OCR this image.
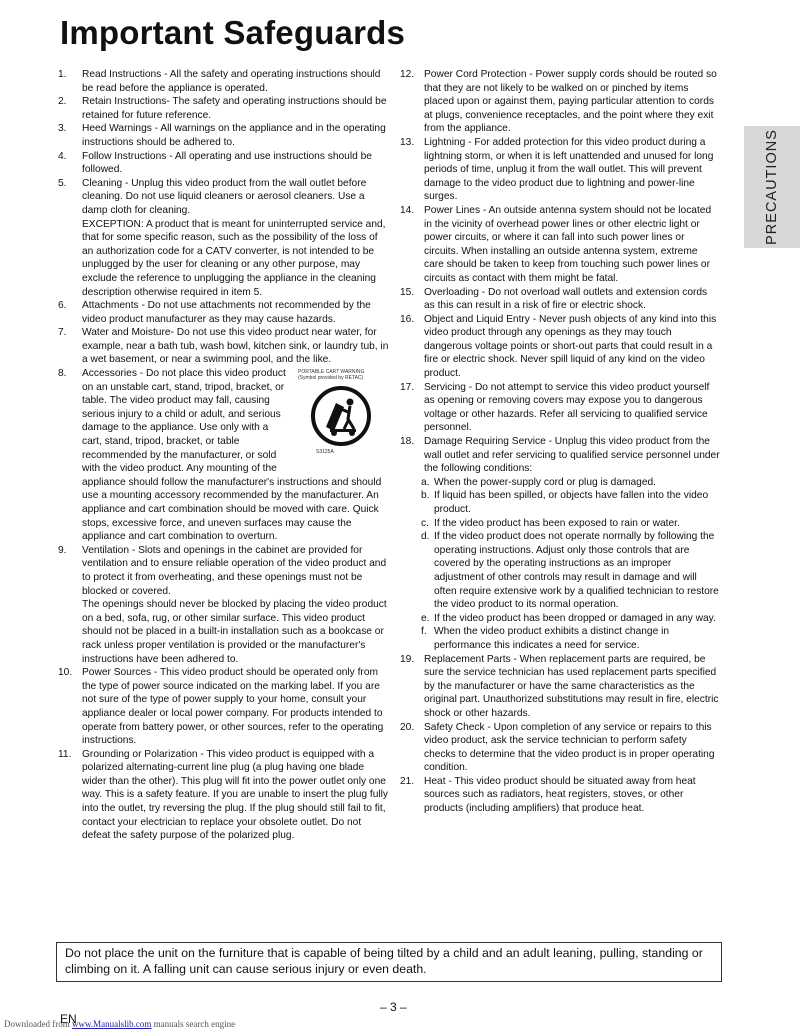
Important Safeguards
PRECAUTIONS
1. Read Instructions - All the safety and operating instructions should be read before the appliance is operated.
2. Retain Instructions- The safety and operating instructions should be retained for future reference.
3. Heed Warnings - All warnings on the appliance and in the operating instructions should be adhered to.
4. Follow Instructions - All operating and use instructions should be followed.
5. Cleaning - Unplug this video product from the wall outlet before cleaning. Do not use liquid cleaners or aerosol cleaners. Use a damp cloth for cleaning.
EXCEPTION: A product that is meant for uninterrupted service and, that for some specific reason, such as the possibility of the loss of an authorization code for a CATV converter, is not intended to be unplugged by the user for cleaning or any other purpose, may exclude the reference to unplugging the appliance in the cleaning description otherwise required in item 5.
6. Attachments - Do not use attachments not recommended by the video product manufacturer as they may cause hazards.
7. Water and Moisture- Do not use this video product near water, for example, near a bath tub, wash bowl, kitchen sink, or laundry tub, in a wet basement, or near a swimming pool, and the like.
8.	PORTABLE CART WARNING
(Symbol provided by RETAC)
S3125A
Accessories - Do not place this video product on an unstable cart, stand, tripod, bracket, or table. The video product may fall, causing serious injury to a child or adult, and serious damage to the appliance. Use only with a cart, stand, tripod, bracket, or table recommended by the manufacturer, or sold with the video product. Any mounting of the appliance should follow the manufacturer's instructions and should use a mounting accessory recommended by the manufacturer. An appliance and cart combination should be moved with care. Quick stops, excessive force, and uneven surfaces may cause the appliance and cart combination to overturn.
9. Ventilation - Slots and openings in the cabinet are provided for ventilation and to ensure reliable operation of the video product and to protect it from overheating, and these openings must not be blocked or covered.
The openings should never be blocked by placing the video product on a bed, sofa, rug, or other similar surface. This video product should not be placed in a built-in installation such as a bookcase or rack unless proper ventilation is provided or the manufacturer's instructions have been adhered to.
10. Power Sources - This video product should be operated only from the type of power source indicated on the marking label. If you are not sure of the type of power supply to your home, consult your appliance dealer or local power company. For products intended to operate from battery power, or other sources, refer to the operating instructions.
11. Grounding or Polarization - This video product is equipped with a polarized alternating-current line plug (a plug having one blade wider than the other). This plug will fit into the power outlet only one way. This is a safety feature. If you are unable to insert the plug fully into the outlet, try reversing the plug. If the plug should still fail to fit, contact your electrician to replace your obsolete outlet. Do not defeat the safety purpose of the polarized plug.
12. Power Cord Protection - Power supply cords should be routed so that they are not likely to be walked on or pinched by items placed upon or against them, paying particular attention to cords at plugs, convenience receptacles, and the point where they exit from the appliance.
13. Lightning - For added protection for this video product during a lightning storm, or when it is left unattended and unused for long periods of time, unplug it from the wall outlet. This will prevent damage to the video product due to lightning and power-line surges.
14. Power Lines - An outside antenna system should not be located in the vicinity of overhead power lines or other electric light or power circuits, or where it can fall into such power lines or circuits. When installing an outside antenna system, extreme care should be taken to keep from touching such power lines or circuits as contact with them might be fatal.
15. Overloading - Do not overload wall outlets and extension cords as this can result in a risk of fire or electric shock.
16. Object and Liquid Entry - Never push objects of any kind into this video product through any openings as they may touch dangerous voltage points or short-out parts that could result in a fire or electric shock. Never spill liquid of any kind on the video product.
17. Servicing - Do not attempt to service this video product yourself as opening or removing covers may expose you to dangerous voltage or other hazards. Refer all servicing to qualified service personnel.
18. Damage Requiring Service - Unplug this video product from the wall outlet and refer servicing to qualified service personnel under the following conditions:
a. When the power-supply cord or plug is damaged.
b. If liquid has been spilled, or objects have fallen into the video product.
c. If the video product has been exposed to rain or water.
d. If the video product does not operate normally by following the operating instructions. Adjust only those controls that are covered by the operating instructions as an improper adjustment of other controls may result in damage and will often require extensive work by a qualified technician to restore the video product to its normal operation.
e. If the video product has been dropped or damaged in any way.
f. When the video product exhibits a distinct change in performance this indicates a need for service.
19. Replacement Parts - When replacement parts are required, be sure the service technician has used replacement parts specified by the manufacturer or have the same characteristics as the original part. Unauthorized substitutions may result in fire, electric shock or other hazards.
20. Safety Check - Upon completion of any service or repairs to this video product, ask the service technician to perform safety checks to determine that the video product is in proper operating condition.
21. Heat - This video product should be situated away from heat sources such as radiators, heat registers, stoves, or other products (including amplifiers) that produce heat.
Do not place the unit on the furniture that is capable of being tilted by a child and an adult leaning, pulling, standing or climbing on it. A falling unit can cause serious injury or even death.
– 3 –
EN
Downloaded from www.Manualslib.com manuals search engine
